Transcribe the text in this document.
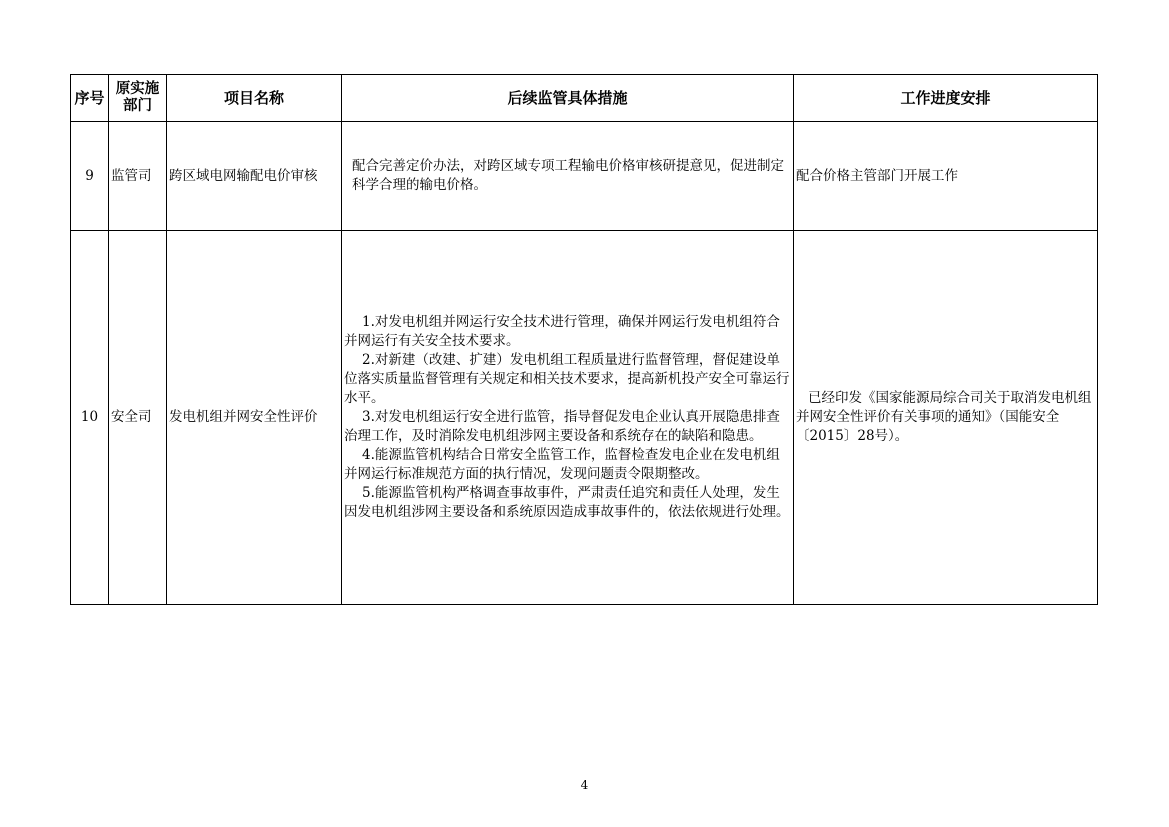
序号	原实施部门	项目名称	后续监管具体措施	工作进度安排
9	监管司	跨区域电网输配电价审核	配合完善定价办法，对跨区域专项工程输电价格审核研提意见，促进制定科学合理的输电价格。	配合价格主管部门开展工作
10	安全司	发电机组并网安全性评价	1.对发电机组并网运行安全技术进行管理，确保并网运行发电机组符合并网运行有关安全技术要求。
2.对新建（改建、扩建）发电机组工程质量进行监督管理，督促建设单位落实质量监督管理有关规定和相关技术要求，提高新机投产安全可靠运行水平。
3.对发电机组运行安全进行监管，指导督促发电企业认真开展隐患排查治理工作，及时消除发电机组涉网主要设备和系统存在的缺陷和隐患。
4.能源监管机构结合日常安全监管工作，监督检查发电企业在发电机组并网运行标准规范方面的执行情况，发现问题责令限期整改。
5.能源监管机构严格调查事故事件，严肃责任追究和责任人处理，发生因发电机组涉网主要设备和系统原因造成事故事件的，依法依规进行处理。	已经印发《国家能源局综合司关于取消发电机组并网安全性评价有关事项的通知》（国能安全〔2015〕28号）。
4
